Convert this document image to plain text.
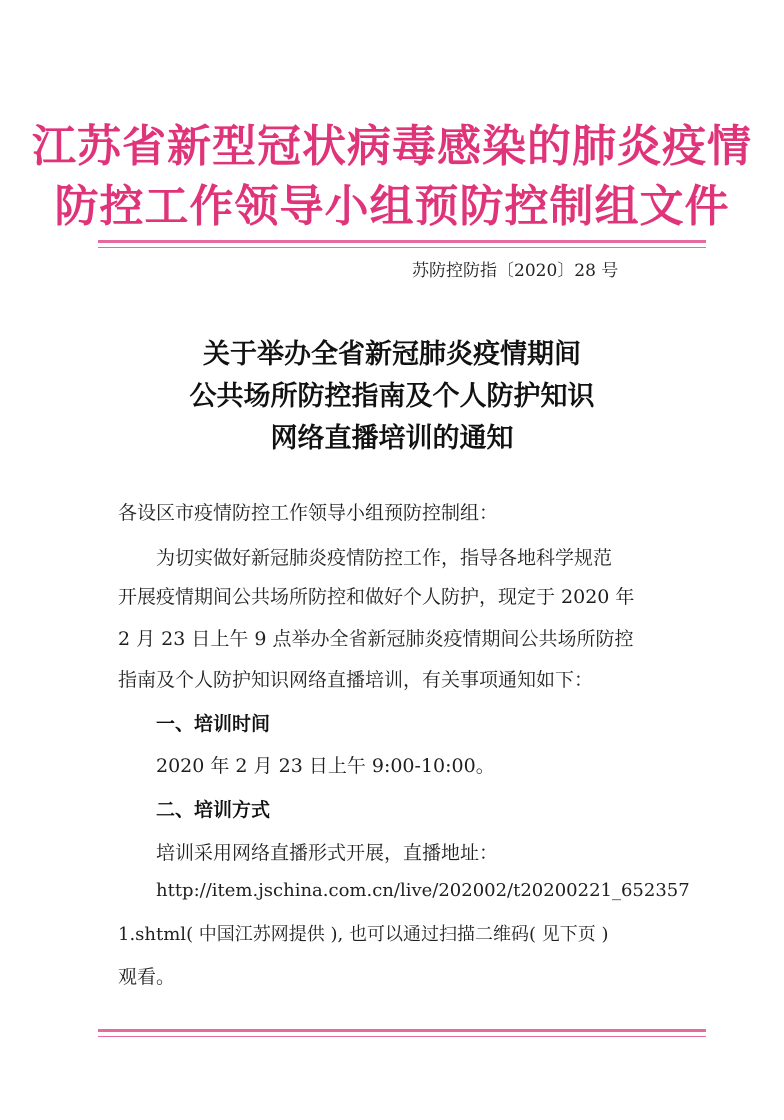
江苏省新型冠状病毒感染的肺炎疫情
防控工作领导小组预防控制组文件
苏防控防指〔2020〕28 号
关于举办全省新冠肺炎疫情期间
公共场所防控指南及个人防护知识
网络直播培训的通知
各设区市疫情防控工作领导小组预防控制组：
为切实做好新冠肺炎疫情防控工作，指导各地科学规范
开展疫情期间公共场所防控和做好个人防护，现定于 2020 年
2 月 23 日上午 9 点举办全省新冠肺炎疫情期间公共场所防控
指南及个人防护知识网络直播培训，有关事项通知如下：
一、培训时间
2020 年 2 月 23 日上午 9:00-10:00。
二、培训方式
培训采用网络直播形式开展，直播地址：
http://item.jschina.com.cn/live/202002/t20200221_652357
1.shtml( 中国江苏网提供 ), 也可以通过扫描二维码( 见下页 )
观看。
